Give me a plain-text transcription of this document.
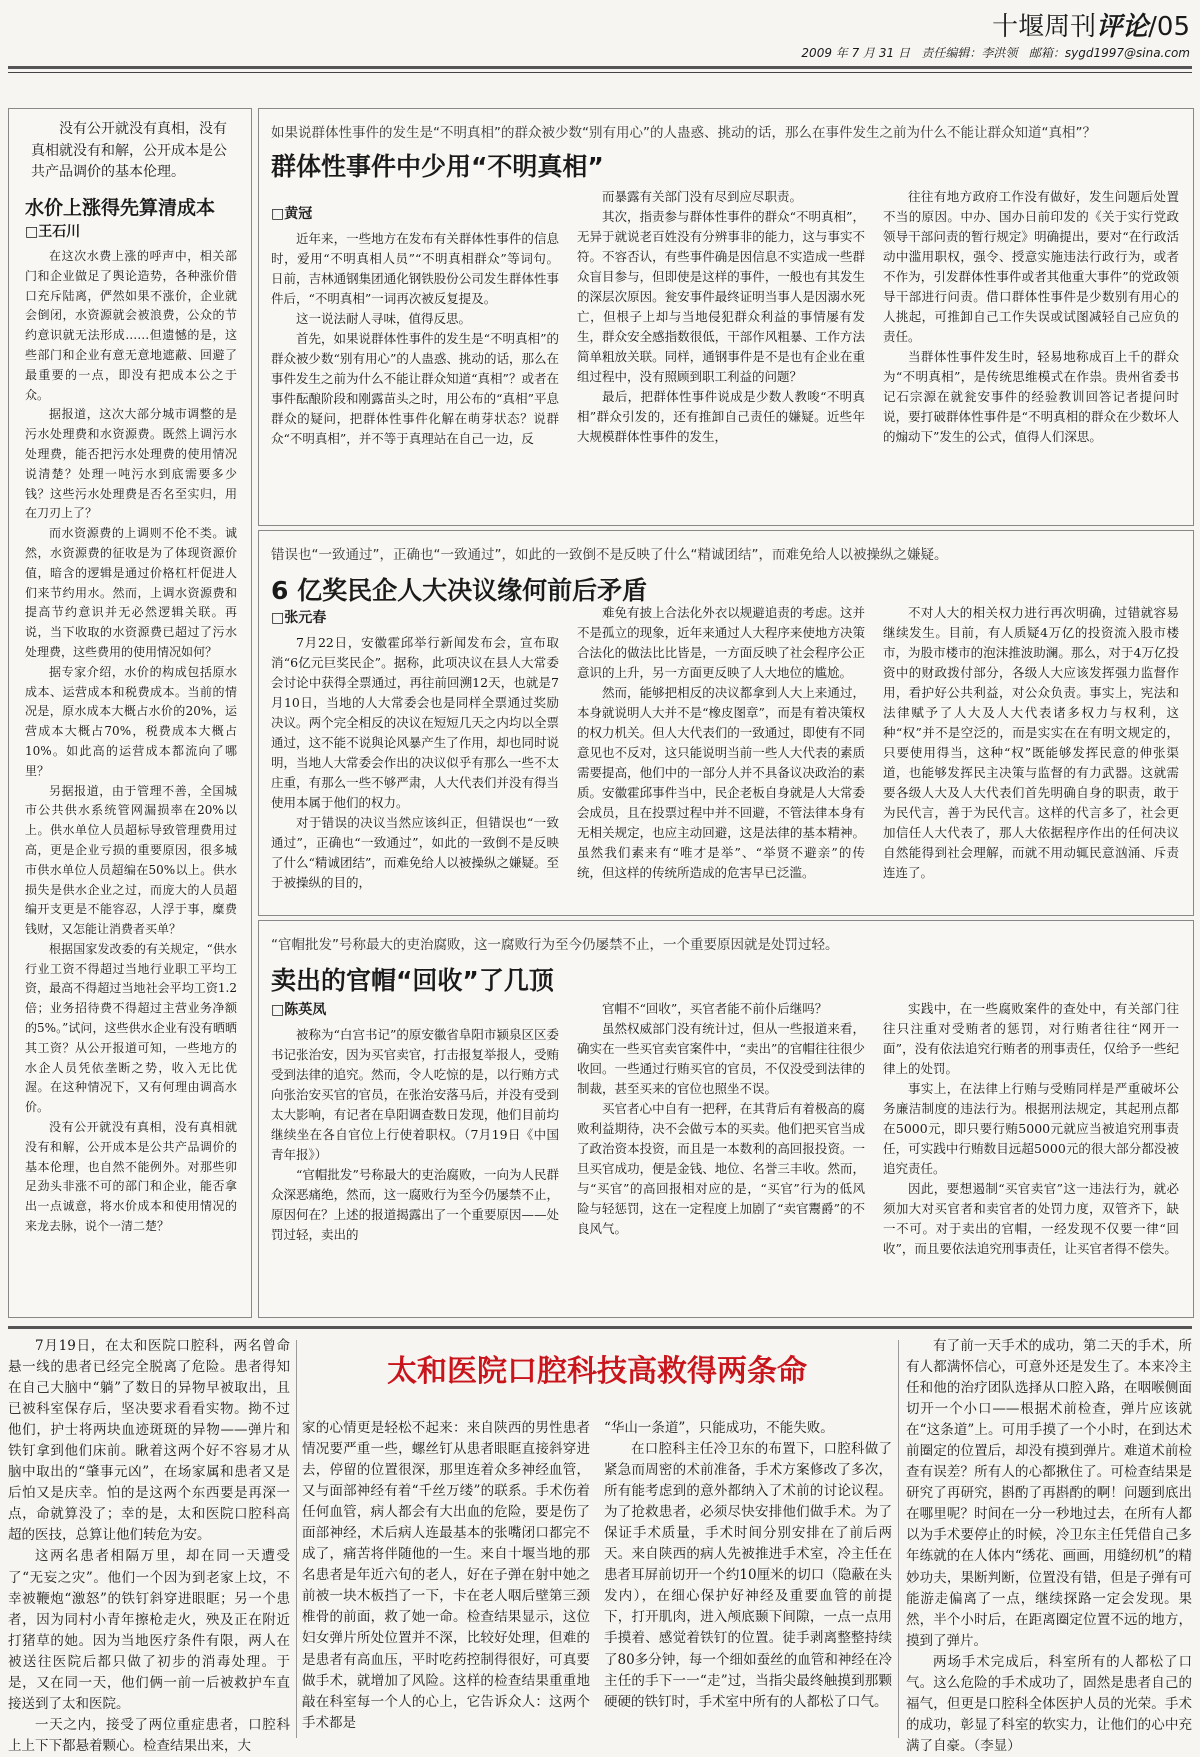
十堰周刊评论/05
2009 年 7 月 31 日 责任编辑：李洪领 邮箱：sygd1997@sina.com
没有公开就没有真相，没有真相就没有和解，公开成本是公共产品调价的基本伦理。
水价上涨得先算清成本
□王石川

在这次水费上涨的呼声中，相关部门和企业做足了舆论造势，各种涨价借口充斥陆离，俨然如果不涨价，企业就会倒闭，水资源就会被浪费，公众的节约意识就无法形成……但遗憾的是，这些部门和企业有意无意地遮蔽、回避了最重要的一点，即没有把成本公之于众。

据报道，这次大部分城市调整的是污水处理费和水资源费。既然上调污水处理费，能否把污水处理费的使用情况说清楚？处理一吨污水到底需要多少钱？这些污水处理费是否名至实归，用在刀刃上了？

而水资源费的上调则不伦不类。诚然，水资源费的征收是为了体现资源价值，暗含的逻辑是通过价格杠杆促进人们来节约用水。然而，上调水资源费和提高节约意识并无必然逻辑关联。再说，当下收取的水资源费已超过了污水处理费，这些费用的使用情况如何？

据专家介绍，水价的构成包括原水成本、运营成本和税费成本。当前的情况是，原水成本大概占水价的20%，运营成本大概占70%，税费成本大概占10%。如此高的运营成本都流向了哪里？

另据报道，由于管理不善，全国城市公共供水系统管网漏损率在20%以上。供水单位人员超标导致管理费用过高，更是企业亏损的重要原因，很多城市供水单位人员超编在50%以上。供水损失是供水企业之过，而庞大的人员超编开支更是不能容忍，人浮于事，糜费钱财，又怎能让消费者买单？

根据国家发改委的有关规定，“供水行业工资不得超过当地行业职工平均工资，最高不得超过当地社会平均工资1.2倍；业务招待费不得超过主营业务净额的5%。”试问，这些供水企业有没有晒晒其工资？从公开报道可知，一些地方的水企人员凭依垄断之势，收入无比优渥。在这种情况下，又有何理由调高水价。

没有公开就没有真相，没有真相就没有和解，公开成本是公共产品调价的基本伦理，也自然不能例外。对那些卯足劲头非涨不可的部门和企业，能否拿出一点诚意，将水价成本和使用情况的来龙去脉，说个一清二楚？

如果说群体性事件的发生是“不明真相”的群众被少数“别有用心”的人蛊惑、挑动的话，那么在事件发生之前为什么不能让群众知道“真相”？
群体性事件中少用“不明真相”
□黄冠

近年来，一些地方在发布有关群体性事件的信息时，爱用“不明真相人员”“不明真相群众”等词句。日前，吉林通钢集团通化钢铁股份公司发生群体性事件后，“不明真相”一词再次被反复提及。

这一说法耐人寻味，值得反思。

首先，如果说群体性事件的发生是“不明真相”的群众被少数“别有用心”的人蛊惑、挑动的话，那么在事件发生之前为什么不能让群众知道“真相”？或者在事件酝酿阶段和刚露苗头之时，用公布的“真相”平息群众的疑问，把群体性事件化解在萌芽状态？说群众“不明真相”，并不等于真理站在自己一边，反

而暴露有关部门没有尽到应尽职责。

其次，指责参与群体性事件的群众“不明真相”，无异于就说老百姓没有分辨事非的能力，这与事实不符。不容否认，有些事件确是因信息不实造成一些群众盲目参与，但即使是这样的事件，一般也有其发生的深层次原因。瓮安事件最终证明当事人是因溺水死亡，但根子上却与当地侵犯群众利益的事情屡有发生，群众安全感指数很低，干部作风粗暴、工作方法简单粗放关联。同样，通钢事件是不是也有企业在重组过程中，没有照顾到职工利益的问题？

最后，把群体性事件说成是少数人教唆“不明真相”群众引发的，还有推卸自己责任的嫌疑。近些年大规模群体性事件的发生，

往往有地方政府工作没有做好，发生问题后处置不当的原因。中办、国办日前印发的《关于实行党政领导干部问责的暂行规定》明确提出，要对“在行政活动中滥用职权，强令、授意实施违法行政行为，或者不作为，引发群体性事件或者其他重大事件”的党政领导干部进行问责。借口群体性事件是少数别有用心的人挑起，可推卸自己工作失误或试图减轻自己应负的责任。

当群体性事件发生时，轻易地称成百上千的群众为“不明真相”，是传统思维模式在作祟。贵州省委书记石宗源在就瓮安事件的经验教训回答记者提问时说，要打破群体性事件是“不明真相的群众在少数坏人的煽动下”发生的公式，值得人们深思。

错误也“一致通过”，正确也“一致通过”，如此的一致倒不是反映了什么“精诚团结”，而难免给人以被操纵之嫌疑。
6 亿奖民企人大决议缘何前后矛盾
□张元春

7月22日，安徽霍邱举行新闻发布会，宣布取消“6亿元巨奖民企”。据称，此项决议在县人大常委会讨论中获得全票通过，再往前回溯12天，也就是7月10日，当地的人大常委会也是同样全票通过奖励决议。两个完全相反的决议在短短几天之内均以全票通过，这不能不说與论风暴产生了作用，却也同时说明，当地人大常委会作出的决议似乎有那么一些不太庄重，有那么一些不够严肃，人大代表们并没有得当使用本属于他们的权力。

对于错误的决议当然应该纠正，但错误也“一致通过”，正确也“一致通过”，如此的一致倒不是反映了什么“精诚团结”，而难免给人以被操纵之嫌疑。至于被操纵的目的，

难免有披上合法化外衣以规避追责的考虑。这并不是孤立的现象，近年来通过人大程序来使地方决策合法化的做法比比皆是，一方面反映了社会程序公正意识的上升，另一方面更反映了人大地位的尴尬。

然而，能够把相反的决议都拿到人大上来通过，本身就说明人大并不是“橡皮图章”，而是有着决策权的权力机关。但人大代表们的一致通过，即使有不同意见也不反对，这只能说明当前一些人大代表的素质需要提高，他们中的一部分人并不具备议决政治的素质。安徽霍邱事件当中，民企老板自身就是人大常委会成员，且在投票过程中并不回避，不管法律本身有无相关规定，也应主动回避，这是法律的基本精神。虽然我们素来有“唯才是举”、“举贤不避亲”的传统，但这样的传统所造成的危害早已泛滥。

不对人大的相关权力进行再次明确，过错就容易继续发生。目前，有人质疑4万亿的投资流入股市楼市，为股市楼市的泡沫推波助澜。那么，对于4万亿投资中的财政拨付部分，各级人大应该发挥强力监督作用，看护好公共利益，对公众负责。事实上，宪法和法律赋予了人大及人大代表诸多权力与权利，这种“权”并不是空泛的，而是实实在在有明文规定的，只要使用得当，这种“权”既能够发挥民意的伸张渠道，也能够发挥民主决策与监督的有力武器。这就需要各级人大及人大代表们首先明确自身的职责，敢于为民代言，善于为民代言。这样的代言多了，社会更加信任人大代表了，那人大依据程序作出的任何决议自然能得到社会理解，而就不用动辄民意汹涌、斥责连连了。

“官帽批发”号称最大的吏治腐败，这一腐败行为至今仍屡禁不止，一个重要原因就是处罚过轻。
卖出的官帽“回收”了几顶
□陈英凤

被称为“白宫书记”的原安徽省阜阳市颍泉区区委书记张治安，因为买官卖官，打击报复举报人，受贿受到法律的追究。然而，令人吃惊的是，以行贿方式向张治安买官的官员，在张治安落马后，并没有受到太大影响，有记者在阜阳调查数日发现，他们目前均继续坐在各自官位上行使着职权。（7月19日《中国青年报》）

“官帽批发”号称最大的吏治腐败，一向为人民群众深恶痛绝，然而，这一腐败行为至今仍屡禁不止，原因何在？上述的报道揭露出了一个重要原因——处罚过轻，卖出的

官帽不“回收”，买官者能不前仆后继吗？

虽然权威部门没有统计过，但从一些报道来看，确实在一些买官卖官案件中，“卖出”的官帽往往很少收回。一些通过行贿买官的官员，不仅没受到法律的制裁，甚至买来的官位也照坐不误。

买官者心中自有一把秤，在其背后有着极高的腐败利益期待，决不会做亏本的买卖。他们把买官当成了政治资本投资，而且是一本数利的高回报投资。一旦买官成功，便是金钱、地位、名誉三丰收。然而，与“买官”的高回报相对应的是，“买官”行为的低风险与轻惩罚，这在一定程度上加剧了“卖官鬻爵”的不良风气。

实践中，在一些腐败案件的查处中，有关部门往往只注重对受贿者的惩罚，对行贿者往往“网开一面”，没有依法追究行贿者的刑事责任，仅给予一些纪律上的处罚。

事实上，在法律上行贿与受贿同样是严重破坏公务廉洁制度的违法行为。根据刑法规定，其起刑点都在5000元，即只要行贿5000元就应当被追究刑事责任，可实践中行贿数目远超5000元的很大部分都没被追究责任。

因此，要想遏制“买官卖官”这一违法行为，就必须加大对买官者和卖官者的处罚力度，双管齐下，缺一不可。对于卖出的官帽，一经发现不仅要一律“回收”，而且要依法追究刑事责任，让买官者得不偿失。

7月19日，在太和医院口腔科，两名曾命悬一线的患者已经完全脱离了危险。患者得知在自己大脑中“躺”了数日的异物早被取出，且已被科室保存后，坚决要求看看实物。拗不过他们，护士将两块血迹斑斑的异物——弹片和铁钉拿到他们床前。瞅着这两个好不容易才从脑中取出的“肇事元凶”，在场家属和患者又是后怕又是庆幸。怕的是这两个东西要是再深一点，命就算没了；幸的是，太和医院口腔科高超的医技，总算让他们转危为安。

这两名患者相隔万里，却在同一天遭受了“无妄之灾”。他们一个因为到老家上坟，不幸被鞭炮“激怒”的铁钉斜穿进眼眶；另一个患者，因为同村小青年擦枪走火，殃及正在附近打猪草的她。因为当地医疗条件有限，两人在被送往医院后都只做了初步的消毒处理。于是，又在同一天，他们俩一前一后被救护车直接送到了太和医院。

一天之内，接受了两位重症患者，口腔科上上下下都悬着颗心。检查结果出来，大

太和医院口腔科技高救得两条命

家的心情更是轻松不起来：来自陕西的男性患者情况要严重一些，螺丝钉从患者眼眶直接斜穿进去，停留的位置很深，那里连着众多神经血管，又与面部神经有着“千丝万缕”的联系。手术伤着任何血管，病人都会有大出血的危险，要是伤了面部神经，术后病人连最基本的张嘴闭口都完不成了，痛苦将伴随他的一生。来自十堰当地的那名患者是年近六旬的老人，好在子弹在射中她之前被一块木板挡了一下，卡在老人咽后壁第三颈椎骨的前面，救了她一命。检查结果显示，这位妇女弹片所处位置并不深，比较好处理，但难的是患者有高血压，平时吃药控制得很好，可真要做手术，就增加了风险。这样的检查结果重重地敲在科室每一个人的心上，它告诉众人：这两个手术都是

“华山一条道”，只能成功，不能失败。

在口腔科主任冷卫东的布置下，口腔科做了紧急而周密的术前准备，手术方案修改了多次，所有能考虑到的意外都纳入了术前的讨论议程。为了抢救患者，必须尽快安排他们做手术。为了保证手术质量，手术时间分别安排在了前后两天。来自陕西的病人先被推进手术室，冷主任在患者耳屏前切开一个约10厘米的切口（隐蔽在头发内），在细心保护好神经及重要血管的前提下，打开肌肉，进入颅底颞下间隙，一点一点用手摸着、感觉着铁钉的位置。徒手剥离整整持续了80多分钟，每一个细如蚕丝的血管和神经在冷主任的手下一一“走”过，当指尖最终触摸到那颗硬硬的铁钉时，手术室中所有的人都松了口气。

有了前一天手术的成功，第二天的手术，所有人都满怀信心，可意外还是发生了。本来冷主任和他的治疗团队选择从口腔入路，在咽喉侧面切开一个小口——根据术前检查，弹片应该就在“这条道”上。可用手摸了一个小时，在到达术前圈定的位置后，却没有摸到弹片。难道术前检查有误差？所有人的心都揪住了。可检查结果是研究了再研究，斟酌了再斟酌的啊！问题到底出在哪里呢？时间在一分一秒地过去，在所有人都以为手术要停止的时候，冷卫东主任凭借自己多年练就的在人体内“绣花、画画，用缝纫机”的精妙功夫，果断判断，位置没有错，但是子弹有可能游走偏离了一点，继续探路一定会发现。果然，半个小时后，在距离圈定位置不远的地方，摸到了弹片。

两场手术完成后，科室所有的人都松了口气。这么危险的手术成功了，固然是患者自己的福气，但更是口腔科全体医护人员的光荣。手术的成功，彰显了科室的软实力，让他们的心中充满了自豪。（李显）
